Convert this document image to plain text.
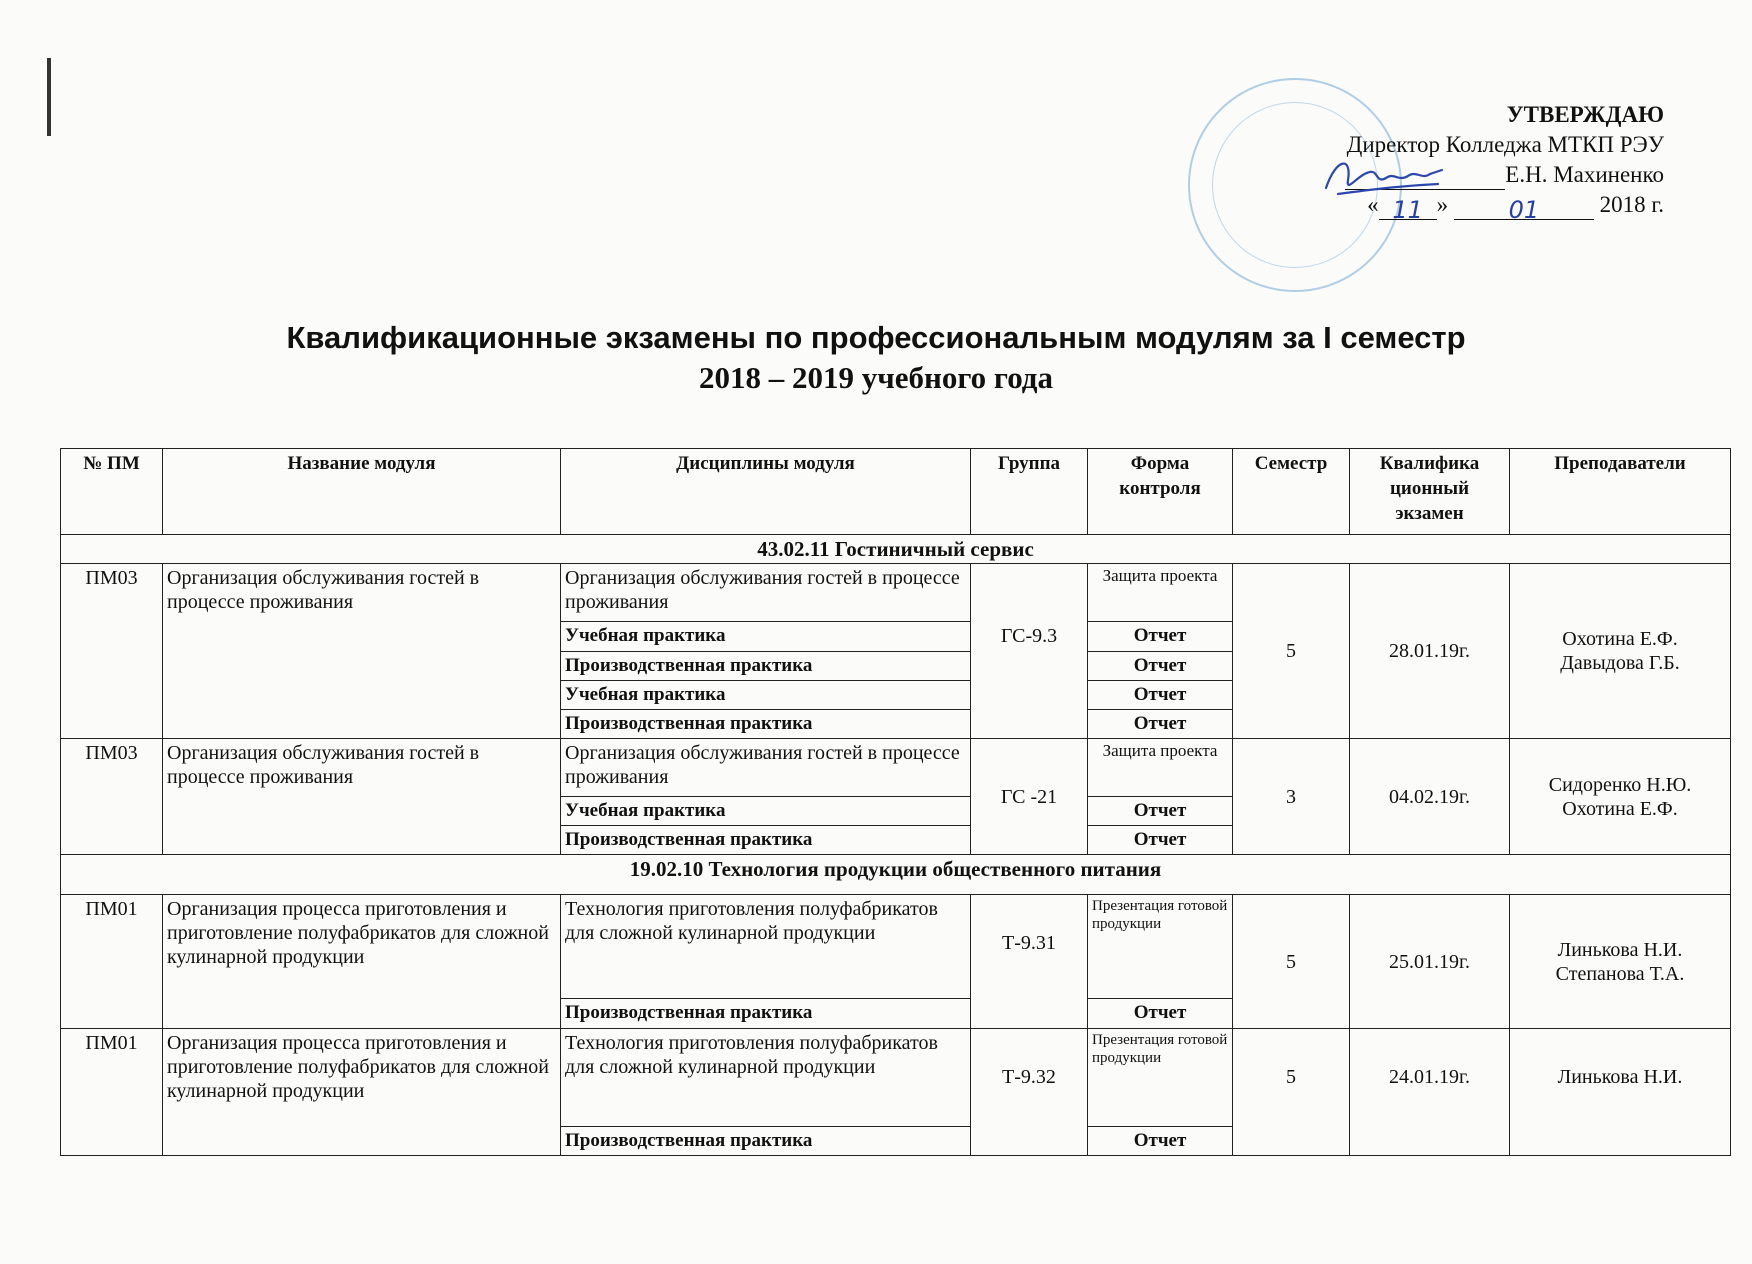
УТВЕРЖДАЮ
Директор Колледжа МТКП РЭУ
Е.Н. Махиненко
« 11 » 01	2018 г.
Квалификационные экзамены по профессиональным модулям за I семестр
2018 – 2019 учебного года
№ ПМ	Название модуля	Дисциплины модуля	Группа	Форма контроля	Семестр	Квалифика ционный экзамен	Преподаватели
43.02.11 Гостиничный сервис							
ПМ03	Организация обслуживания гостей в процессе проживания	Организация обслуживания гостей в процессе проживания	ГС-9.3	Защита проекта	5	28.01.19г.	Охотина Е.Ф.
Давыдова Г.Б.

		Учебная практика		Отчет			
		Производственная практика		Отчет			
		Учебная практика		Отчет			
		Производственная практика		Отчет			
ПМ03	Организация обслуживания гостей в процессе проживания	Организация обслуживания гостей в процессе проживания	ГС -21	Защита проекта	3	04.02.19г.	Сидоренко Н.Ю.
Охотина Е.Ф.

		Учебная практика		Отчет			
		Производственная практика		Отчет			
19.02.10 Технология продукции общественного питания							
ПМ01	Организация процесса приготовления и приготовление полуфабрикатов для сложной кулинарной продукции	Технология приготовления полуфабрикатов для сложной кулинарной продукции	Т-9.31	Презентация готовой продукции	5	25.01.19г.	Линькова Н.И.
Степанова Т.А.

		Производственная практика		Отчет			
ПМ01	Организация процесса приготовления и приготовление полуфабрикатов для сложной кулинарной продукции	Технология приготовления полуфабрикатов для сложной кулинарной продукции	Т-9.32	Презентация готовой продукции	5	24.01.19г.	Линькова Н.И.

		Производственная практика		Отчет			
